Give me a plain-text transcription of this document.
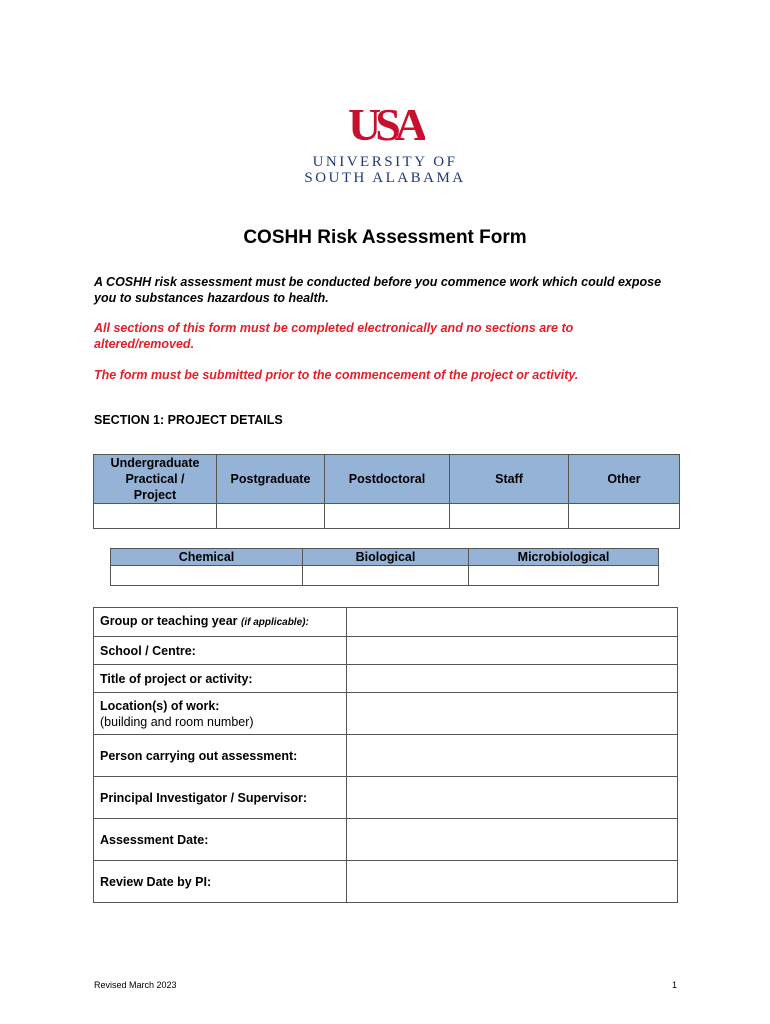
USA
UNIVERSITY OF
SOUTH ALABAMA
COSHH Risk Assessment Form
A COSHH risk assessment must be conducted before you commence work which could expose you to substances hazardous to health.
All sections of this form must be completed electronically and no sections are to altered/removed.
The form must be submitted prior to the commencement of the project or activity.
SECTION 1: PROJECT DETAILS
Undergraduate Practical / Project	Postgraduate	Postdoctoral	Staff	Other

Chemical	Biological	Microbiological

Group or teaching year (if applicable):	
School / Centre:	
Title of project or activity:	

Location(s) of work:
(building and room number)	

Person carrying out assessment:	
Principal Investigator / Supervisor:	
Assessment Date:	
Review Date by PI:	
Revised March 2023	1
